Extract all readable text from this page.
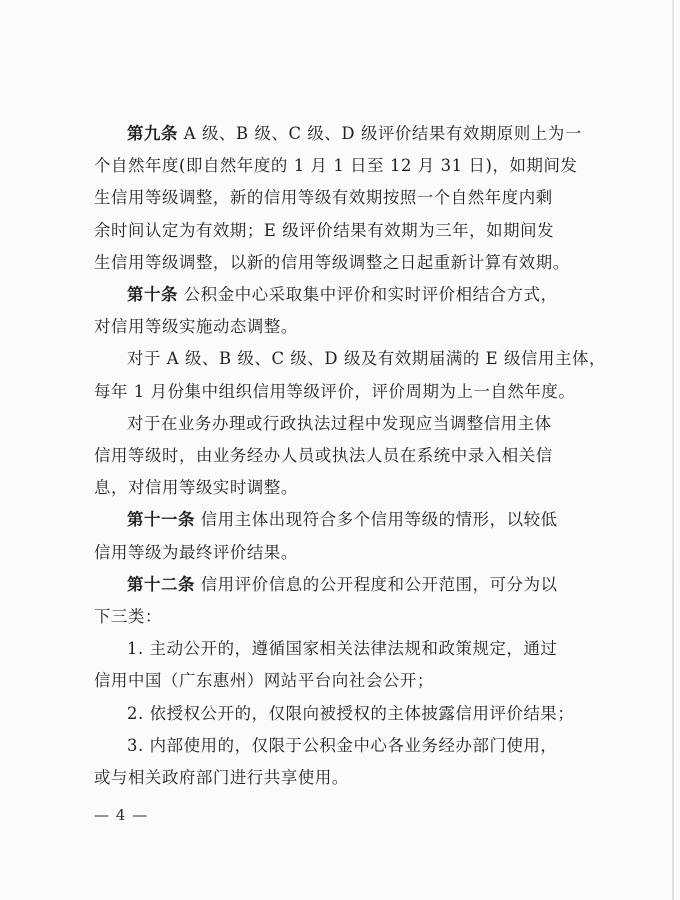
第九条 A 级、B 级、C 级、D 级评价结果有效期原则上为一
个自然年度(即自然年度的 1 月 1 日至 12 月 31 日)，如期间发
生信用等级调整，新的信用等级有效期按照一个自然年度内剩
余时间认定为有效期；E 级评价结果有效期为三年，如期间发
生信用等级调整，以新的信用等级调整之日起重新计算有效期。

第十条 公积金中心采取集中评价和实时评价相结合方式，
对信用等级实施动态调整。

对于 A 级、B 级、C 级、D 级及有效期届满的 E 级信用主体，
每年 1 月份集中组织信用等级评价，评价周期为上一自然年度。

对于在业务办理或行政执法过程中发现应当调整信用主体
信用等级时，由业务经办人员或执法人员在系统中录入相关信
息，对信用等级实时调整。

第十一条 信用主体出现符合多个信用等级的情形，以较低
信用等级为最终评价结果。

第十二条 信用评价信息的公开程度和公开范围，可分为以
下三类：

1. 主动公开的，遵循国家相关法律法规和政策规定，通过
信用中国（广东惠州）网站平台向社会公开；

2. 依授权公开的，仅限向被授权的主体披露信用评价结果；

3. 内部使用的，仅限于公积金中心各业务经办部门使用，
或与相关政府部门进行共享使用。

— 4 —
